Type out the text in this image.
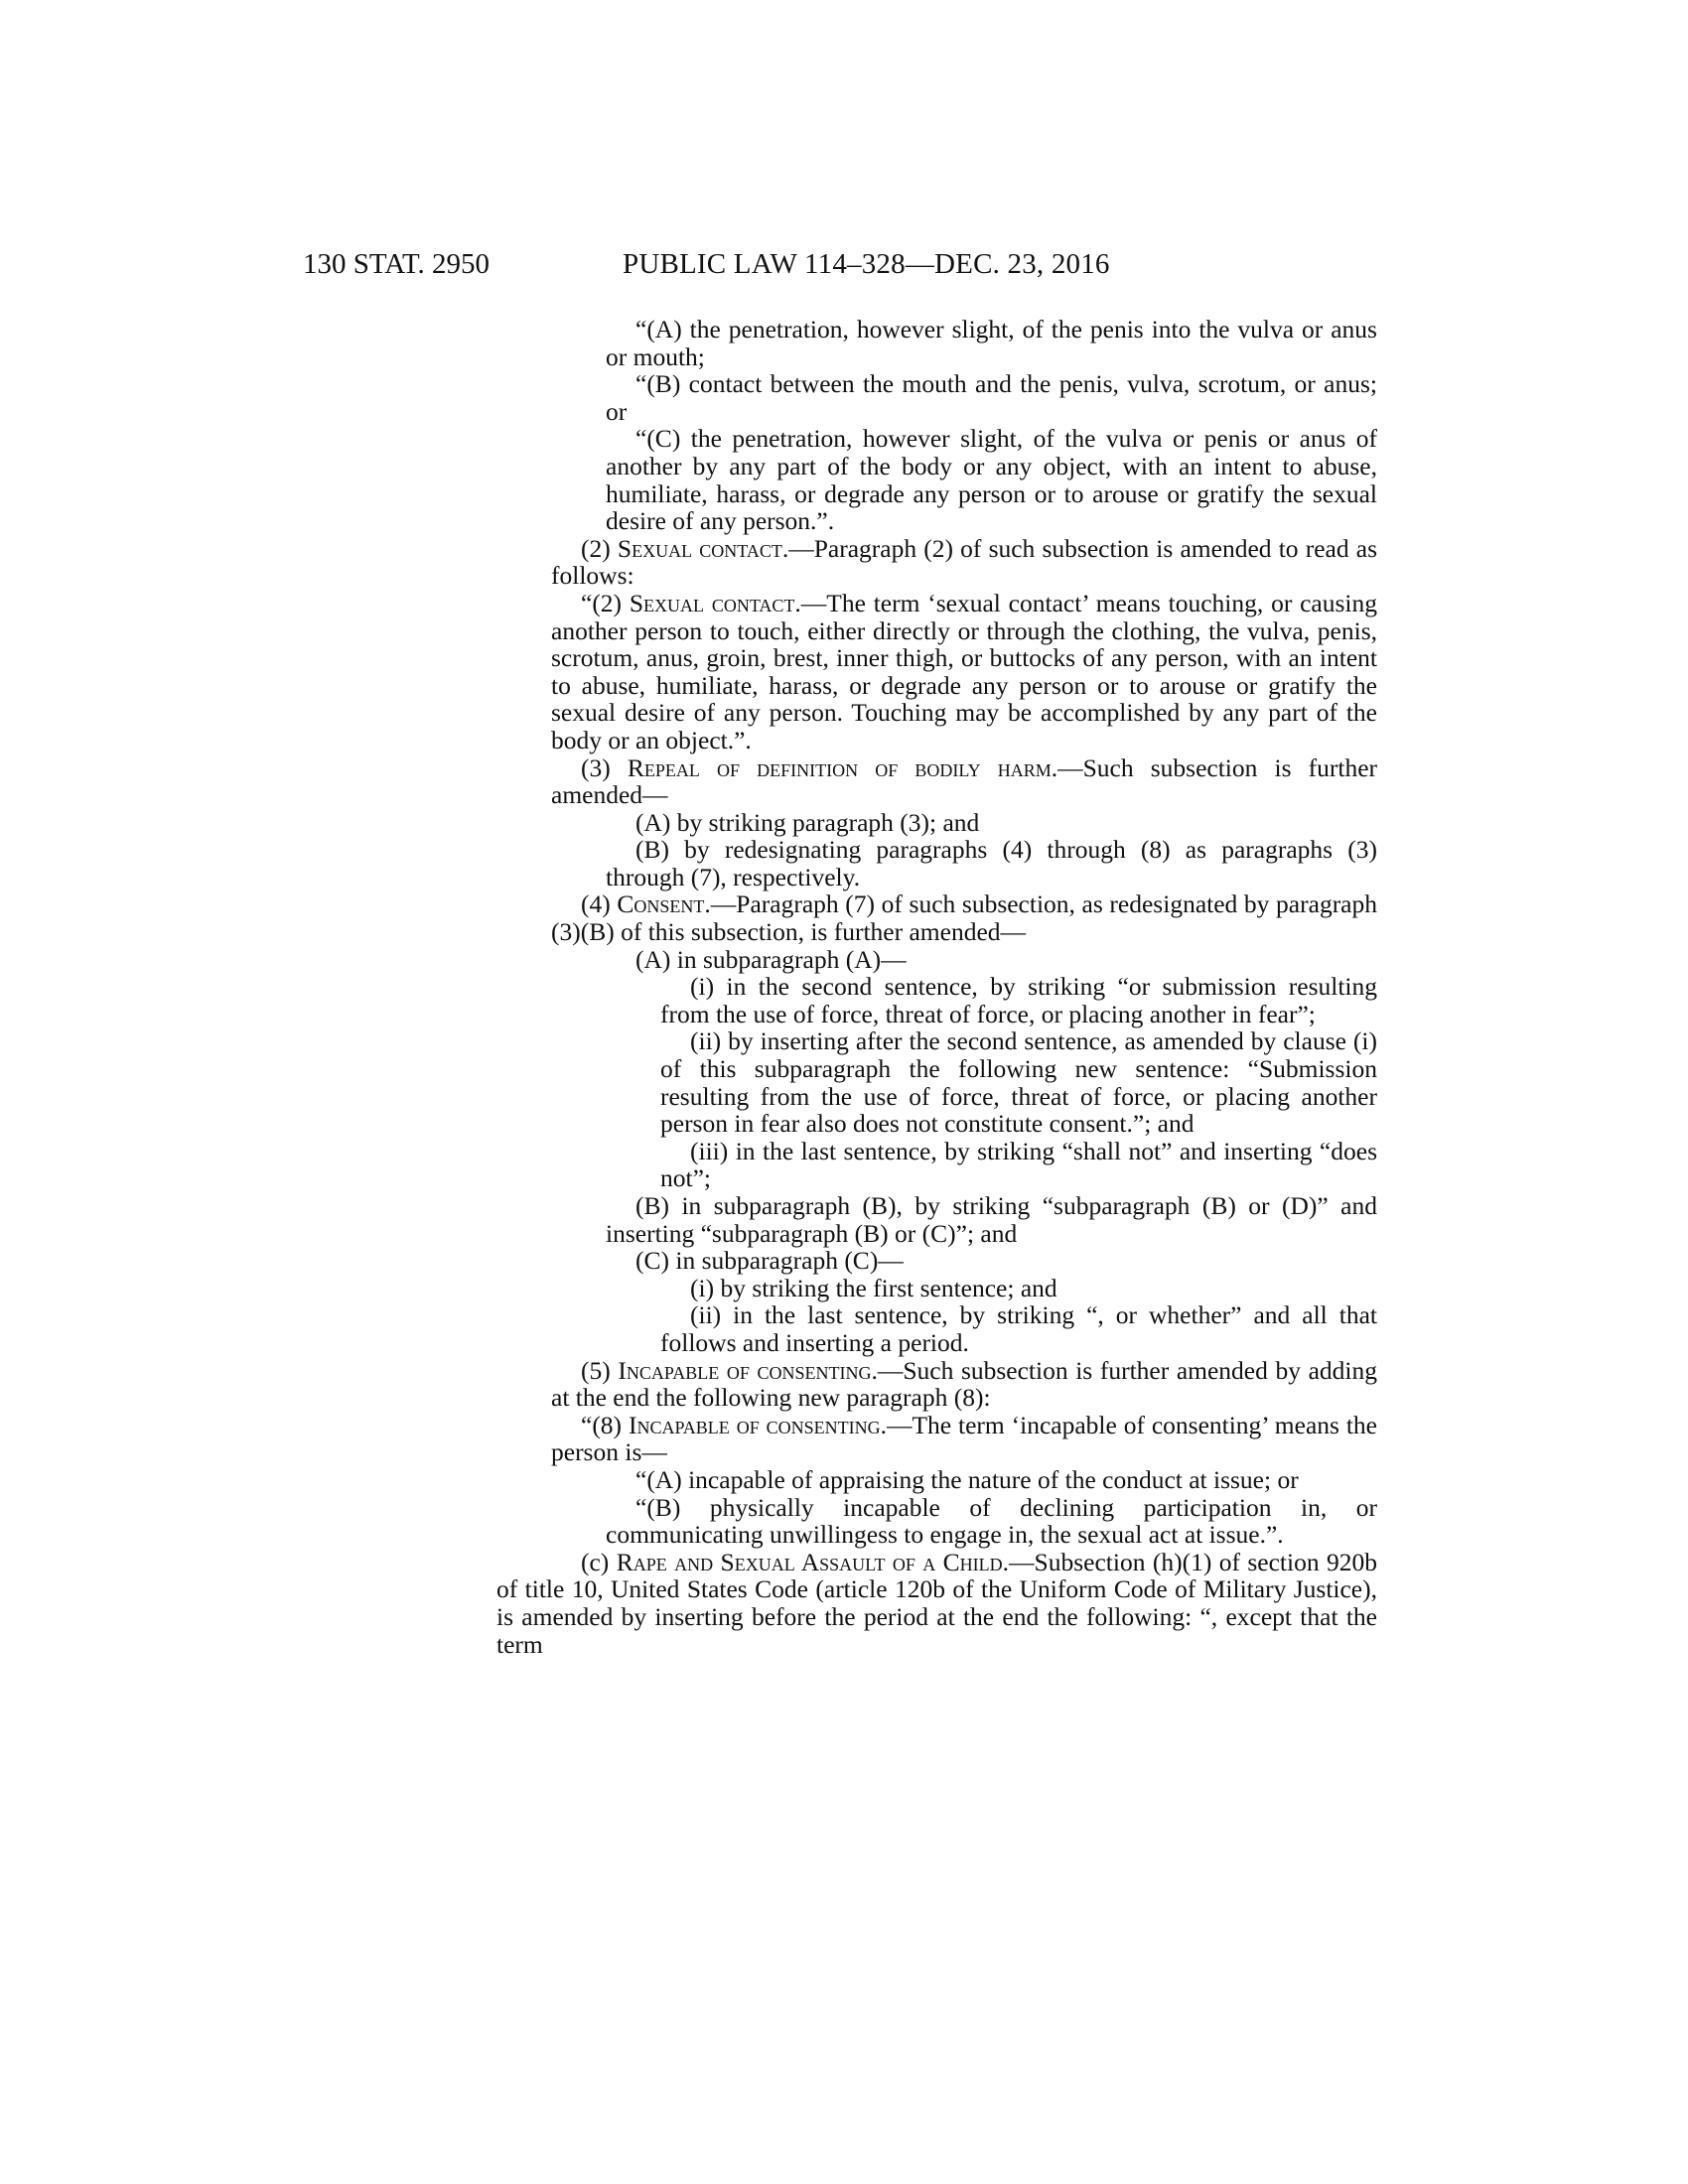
130 STAT. 2950	PUBLIC LAW 114–328—DEC. 23, 2016

“(A) the penetration, however slight, of the penis into the vulva or anus or mouth;

“(B) contact between the mouth and the penis, vulva, scrotum, or anus; or

“(C) the penetration, however slight, of the vulva or penis or anus of another by any part of the body or any object, with an intent to abuse, humiliate, harass, or degrade any person or to arouse or gratify the sexual desire of any person.”.

(2) Sexual contact.—Paragraph (2) of such subsection is amended to read as follows:

“(2) Sexual contact.—The term ‘sexual contact’ means touching, or causing another person to touch, either directly or through the clothing, the vulva, penis, scrotum, anus, groin, brest, inner thigh, or buttocks of any person, with an intent to abuse, humiliate, harass, or degrade any person or to arouse or gratify the sexual desire of any person. Touching may be accomplished by any part of the body or an object.”.

(3) Repeal of definition of bodily harm.—Such subsection is further amended—

(A) by striking paragraph (3); and

(B) by redesignating paragraphs (4) through (8) as paragraphs (3) through (7), respectively.

(4) Consent.—Paragraph (7) of such subsection, as redesignated by paragraph (3)(B) of this subsection, is further amended—

(A) in subparagraph (A)—

(i) in the second sentence, by striking “or submission resulting from the use of force, threat of force, or placing another in fear”;

(ii) by inserting after the second sentence, as amended by clause (i) of this subparagraph the following new sentence: “Submission resulting from the use of force, threat of force, or placing another person in fear also does not constitute consent.”; and

(iii) in the last sentence, by striking “shall not” and inserting “does not”;

(B) in subparagraph (B), by striking “subparagraph (B) or (D)” and inserting “subparagraph (B) or (C)”; and

(C) in subparagraph (C)—

(i) by striking the first sentence; and

(ii) in the last sentence, by striking “, or whether” and all that follows and inserting a period.

(5) Incapable of consenting.—Such subsection is further amended by adding at the end the following new paragraph (8):

“(8) Incapable of consenting.—The term ‘incapable of consenting’ means the person is—

“(A) incapable of appraising the nature of the conduct at issue; or

“(B) physically incapable of declining participation in, or communicating unwillingess to engage in, the sexual act at issue.”.

(c) Rape and Sexual Assault of a Child.—Subsection (h)(1) of section 920b of title 10, United States Code (article 120b of the Uniform Code of Military Justice), is amended by inserting before the period at the end the following: “, except that the term
